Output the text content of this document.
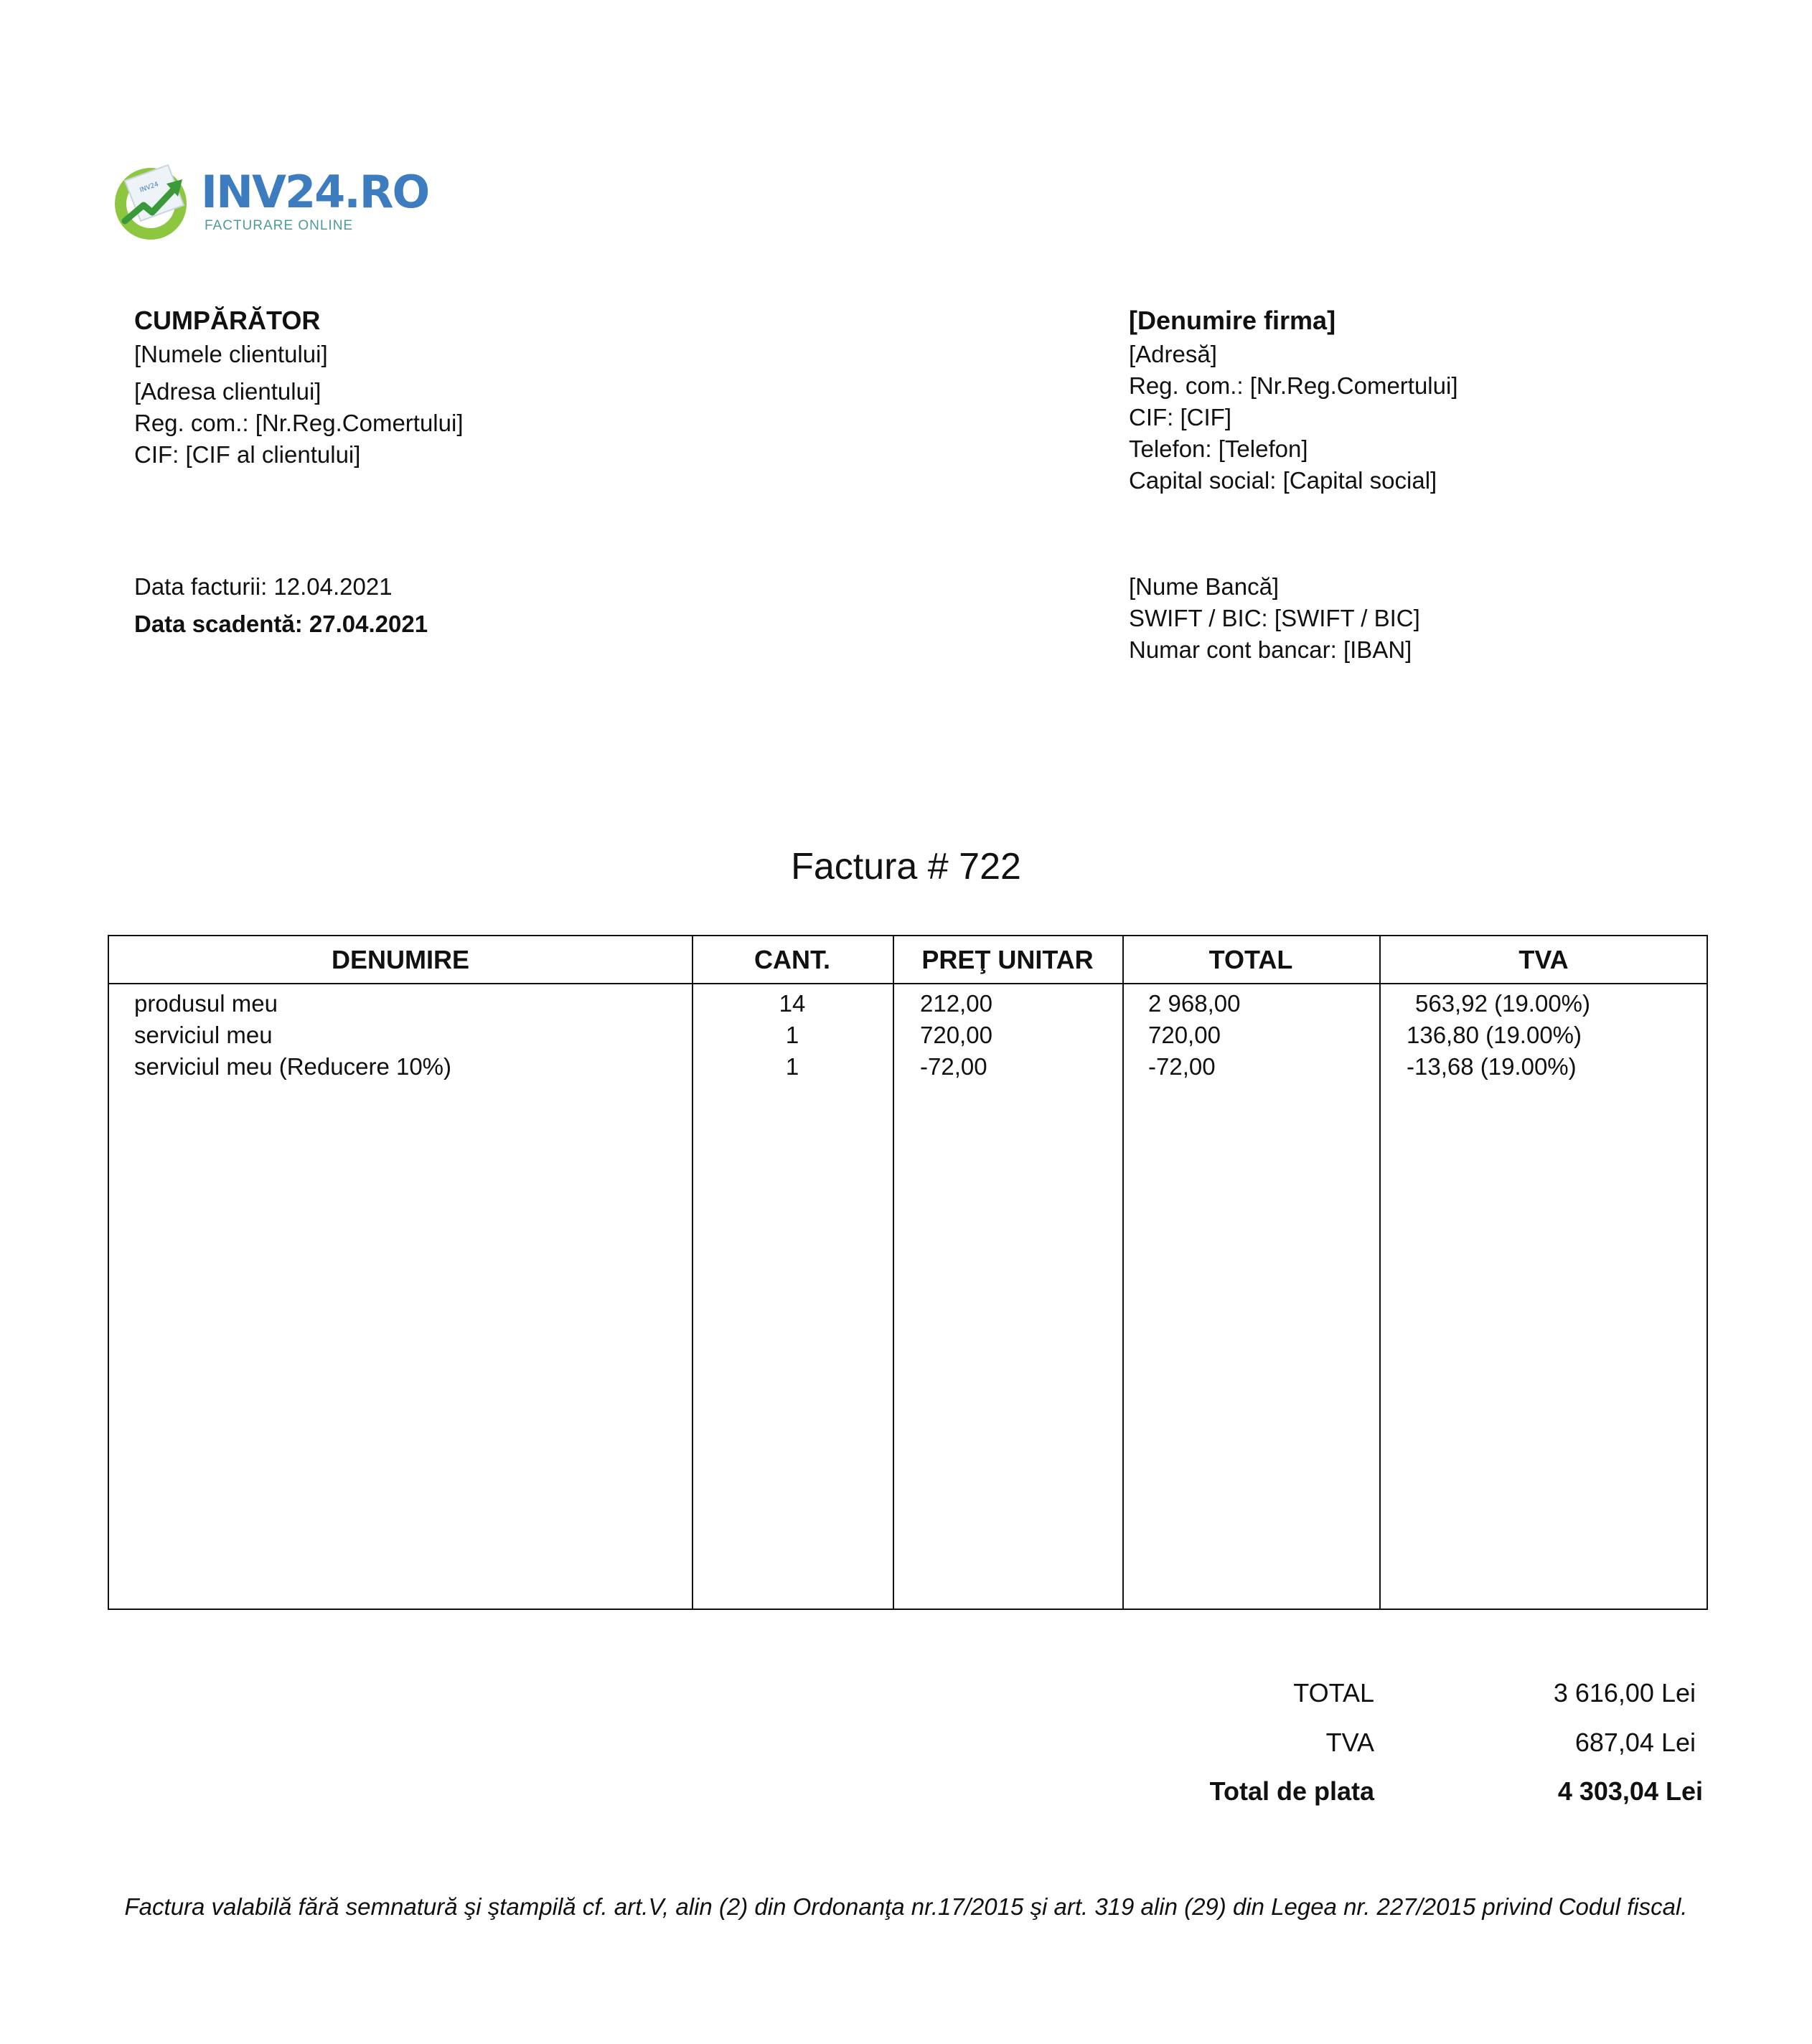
INV24 INV24.RO
FACTURARE ONLINE
CUMPĂRĂTOR
[Numele clientului]
[Adresa clientului]
Reg. com.: [Nr.Reg.Comertului]
CIF: [CIF al clientului]
[Denumire firma]
[Adresă]
Reg. com.: [Nr.Reg.Comertului]
CIF: [CIF]
Telefon: [Telefon]
Capital social: [Capital social]
Data facturii: 12.04.2021
Data scadentă: 27.04.2021
[Nume Bancă]
SWIFT / BIC: [SWIFT / BIC]
Numar cont bancar: [IBAN]
Factura # 722
DENUMIRE	CANT.	PREŢ UNITAR	TOTAL	TVA
produsul meu	14	212,00	2 968,00	563,92 (19.00%)
serviciul meu	1	720,00	720,00	136,80 (19.00%)
serviciul meu (Reducere 10%)	1	-72,00	-72,00	-13,68 (19.00%)
TOTAL	3 616,00 Lei
TVA	687,04 Lei
Total de plata	4 303,04 Lei
Factura valabilă fără semnatură şi ştampilă cf. art.V, alin (2) din Ordonanţa nr.17/2015 şi art. 319 alin (29) din Legea nr. 227/2015 privind Codul fiscal.
